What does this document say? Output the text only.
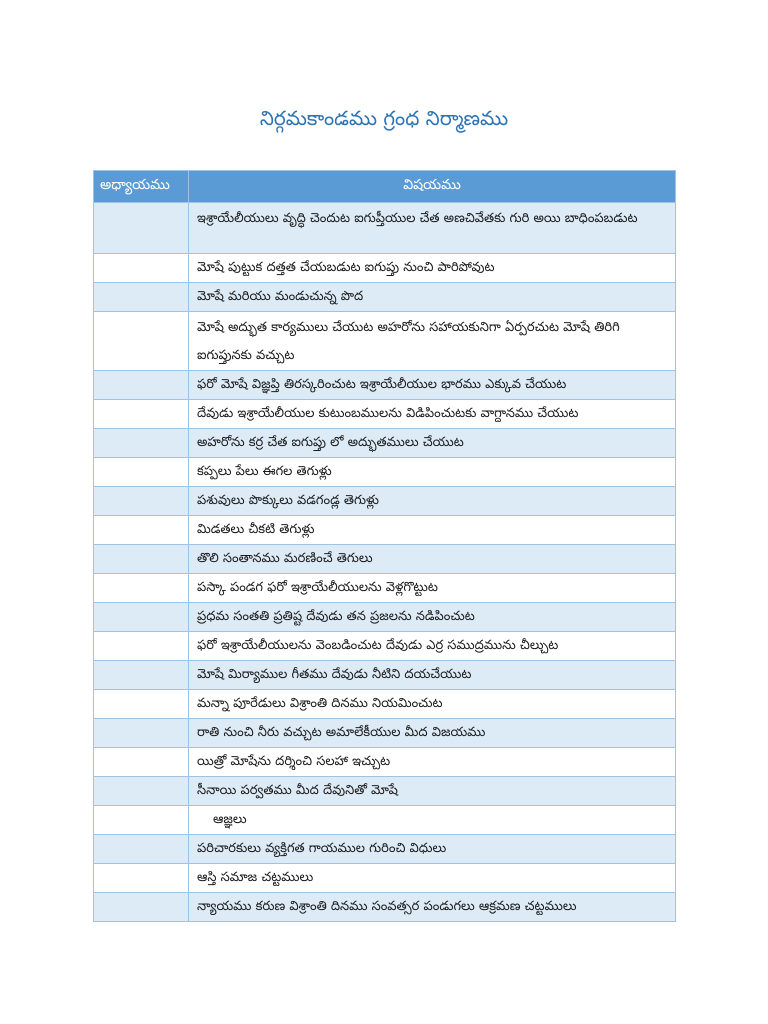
నిర్గమకాండము గ్రంధ నిర్మాణము
అధ్యాయము	విషయము
	ఇశ్రాయేలీయులు వృద్ధి చెందుట ఐగుప్తీయుల చేత అణచివేతకు గురి అయి బాధింపబడుట
	మోషే పుట్టుక దత్తత చేయబడుట ఐగుప్తు నుంచి పారిపోవుట
	మోషే మరియు మండుచున్న పొద
	మోషే అద్భుత కార్యములు చేయుట అహరోను సహాయకునిగా ఏర్పరచుట మోషే తిరిగి ఐగుప్తునకు వచ్చుట
	ఫరో మోషే విజ్ఞప్తి తిరస్కరించుట ఇశ్రాయేలీయుల భారము ఎక్కువ చేయుట
	దేవుడు ఇశ్రాయేలీయుల కుటుంబములను విడిపించుటకు వాగ్దానము చేయుట
	అహరోను కర్ర చేత ఐగుప్తు లో అద్భుతములు చేయుట
	కప్పలు పేలు ఈగల తెగుళ్లు
	పశువులు పొక్కులు వడగండ్ల తెగుళ్లు
	మిడతలు చీకటి తెగుళ్లు
	తొలి సంతానము మరణించే తెగులు
	పస్కా పండగ ఫరో ఇశ్రాయేలీయులను వెళ్లగొట్టుట
	ప్రధమ సంతతి ప్రతిష్ట దేవుడు తన ప్రజలను నడిపించుట
	ఫరో ఇశ్రాయేలీయులను వెంబడించుట దేవుడు ఎర్ర సముద్రమును చీల్చుట
	మోషే మిర్యాముల గీతము దేవుడు నీటిని దయచేయుట
	మన్నా పూరేడులు విశ్రాంతి దినము నియమించుట
	రాతి నుంచి నీరు వచ్చుట అమాలేకీయుల మీద విజయము
	యిత్రో మోషేను దర్శించి సలహా ఇచ్చుట
	సీనాయి పర్వతము మీద దేవునితో మోషే
	ఆజ్ఞలు
	పరిచారకులు వ్యక్తిగత గాయముల గురించి విధులు
	ఆస్తి సమాజ చట్టములు
	న్యాయము కరుణ విశ్రాంతి దినము సంవత్సర పండుగలు ఆక్రమణ చట్టములు
